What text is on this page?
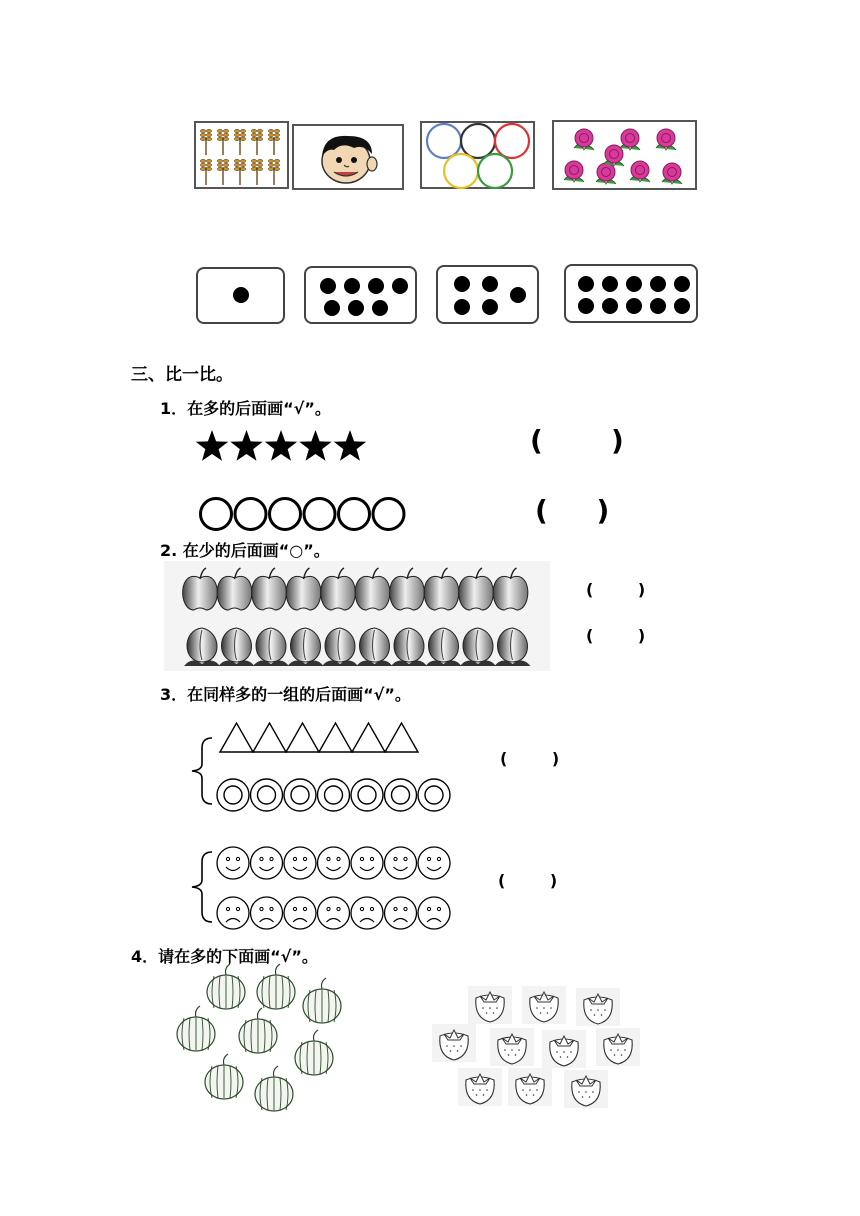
三、比一比。
1．在多的后面画“√”。
(       )
(     )
2. 在少的后面画“○”。
(        )
(        )
3．在同样多的一组的后面画“√”。
(        )
(        )
4．请在多的下面画“√”。
